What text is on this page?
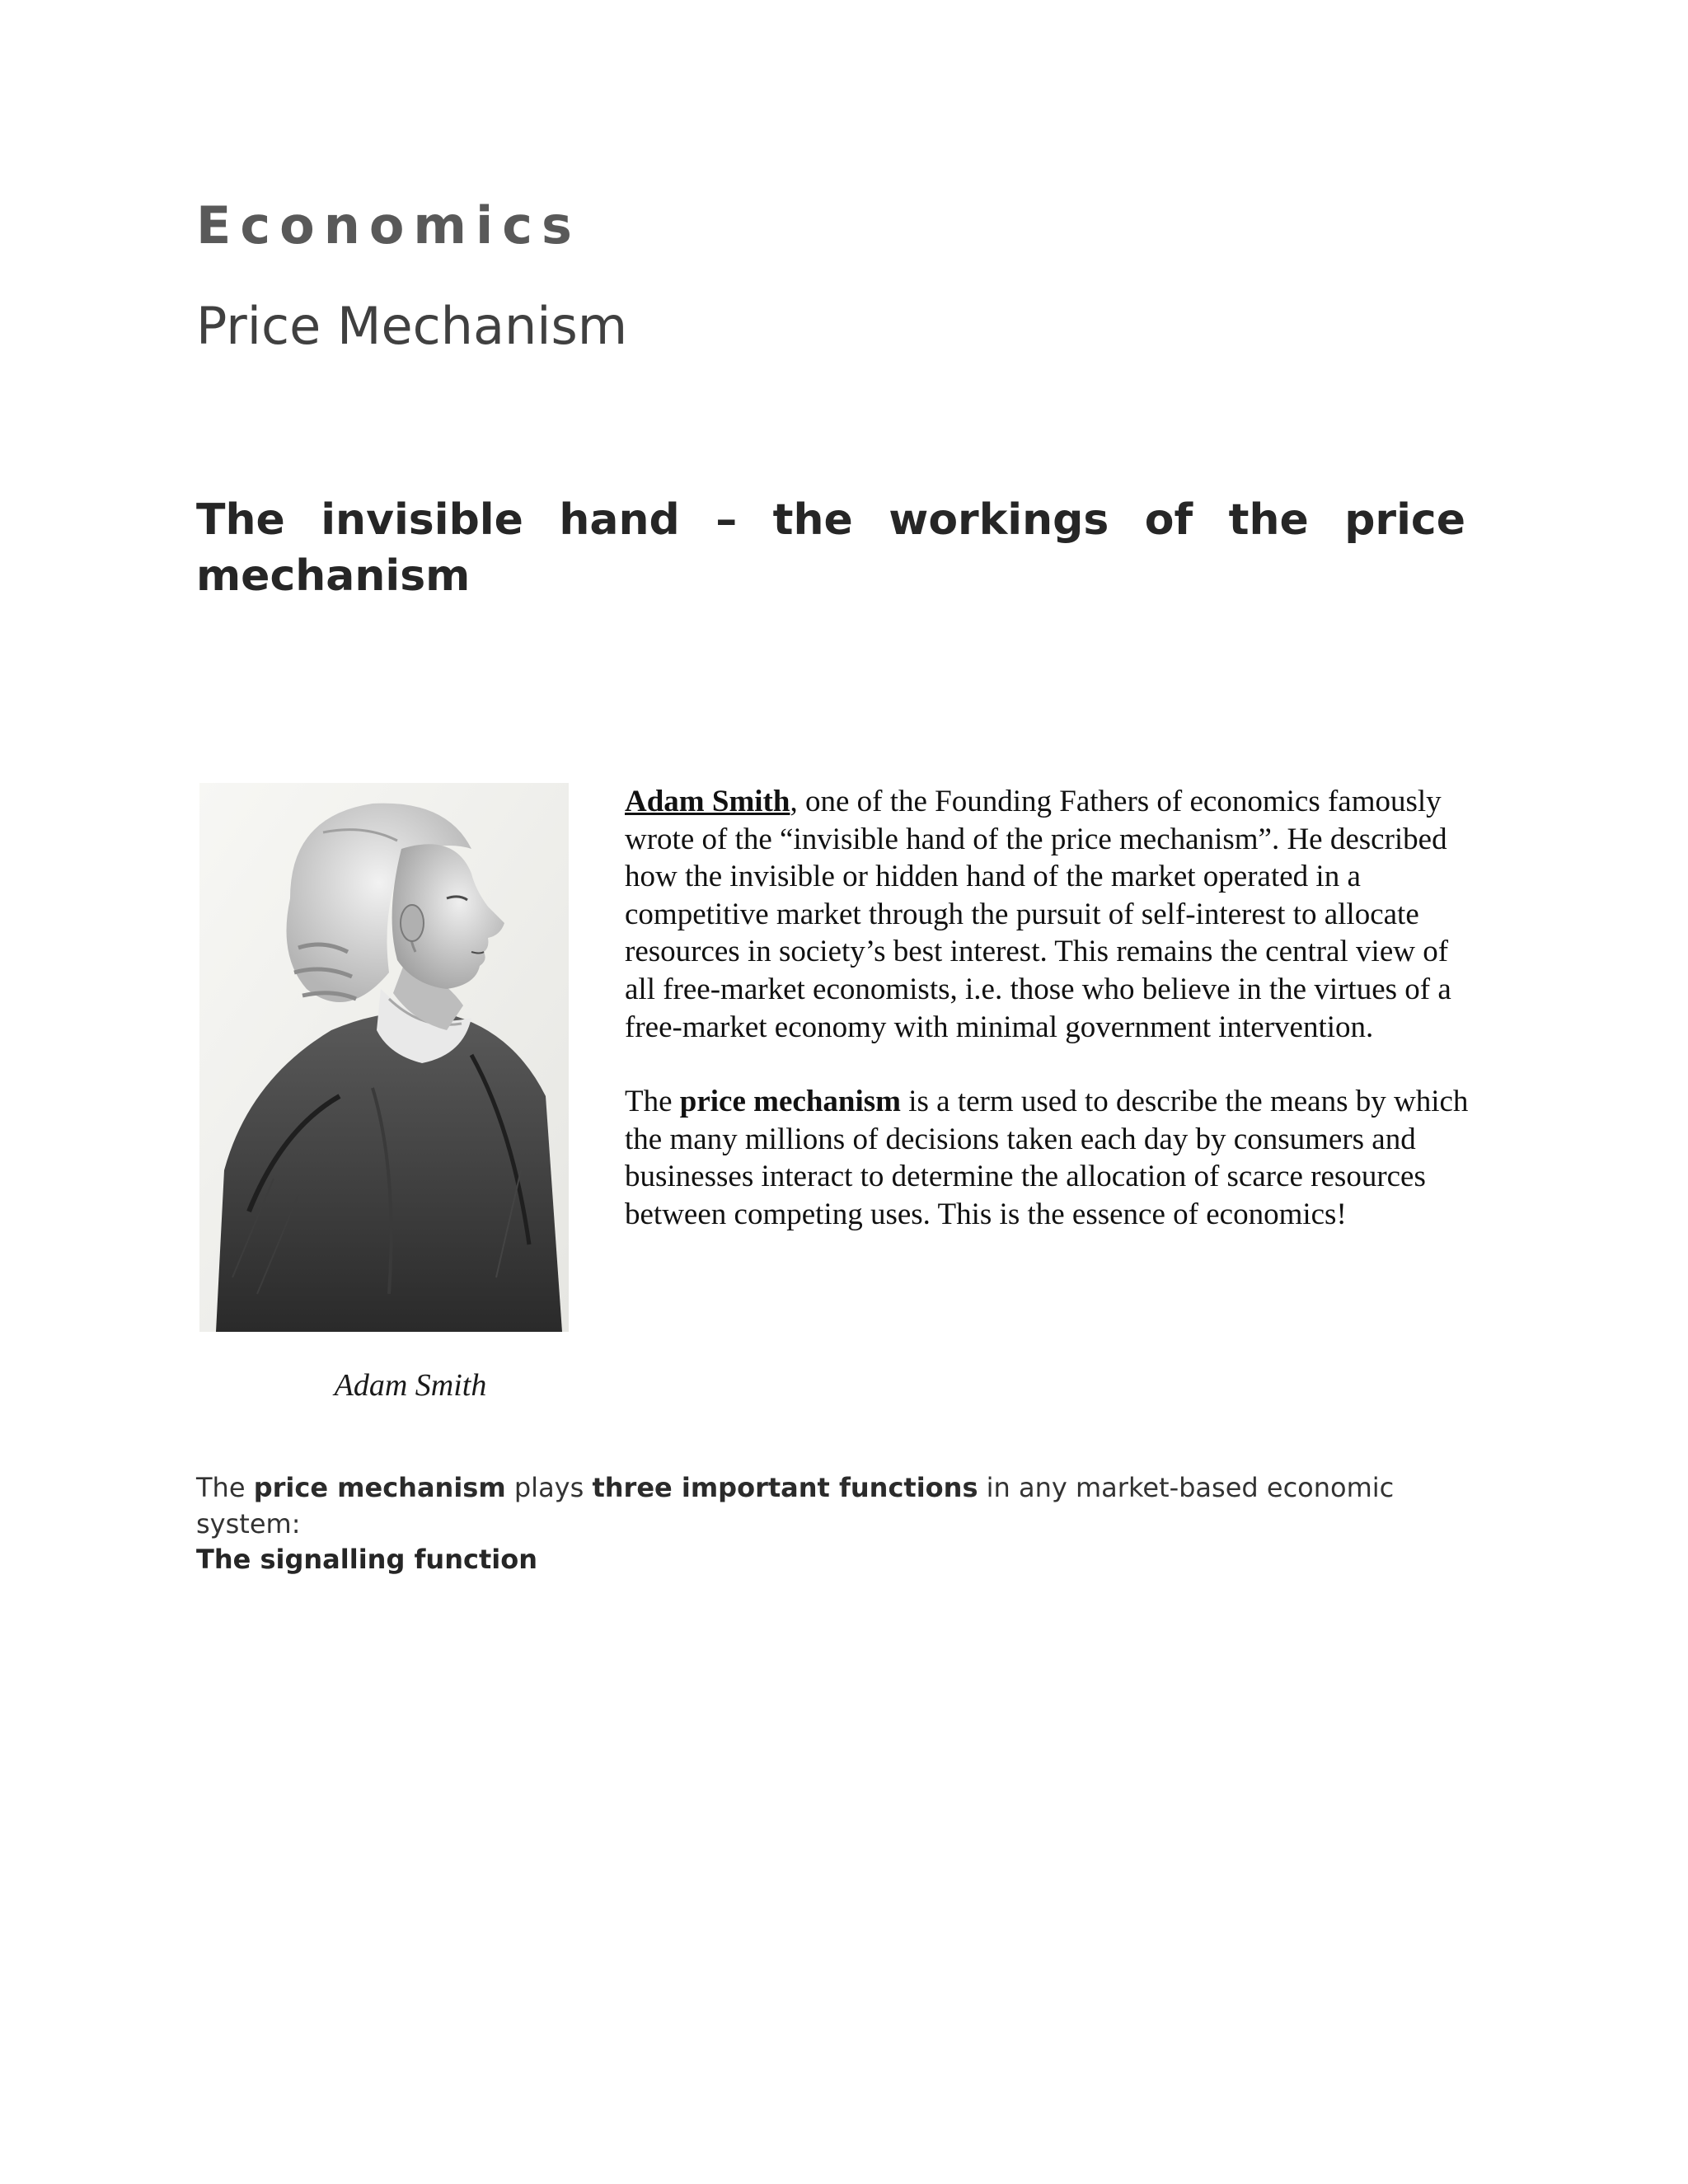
Economics
Price Mechanism
The invisible hand – the workings of the price mechanism
Adam Smith

Adam Smith, one of the Founding Fathers of economics famously wrote of the “invisible hand of the price mechanism”. He described how the invisible or hidden hand of the market operated in a competitive market through the pursuit of self-interest to allocate resources in society’s best interest. This remains the central view of all free-market economists, i.e. those who believe in the virtues of a free-market economy with minimal government intervention.

The price mechanism is a term used to describe the means by which the many millions of decisions taken each day by consumers and businesses interact to determine the allocation of scarce resources between competing uses. This is the essence of economics!

The price mechanism plays three important functions in any market-based economic system:

The signalling function
